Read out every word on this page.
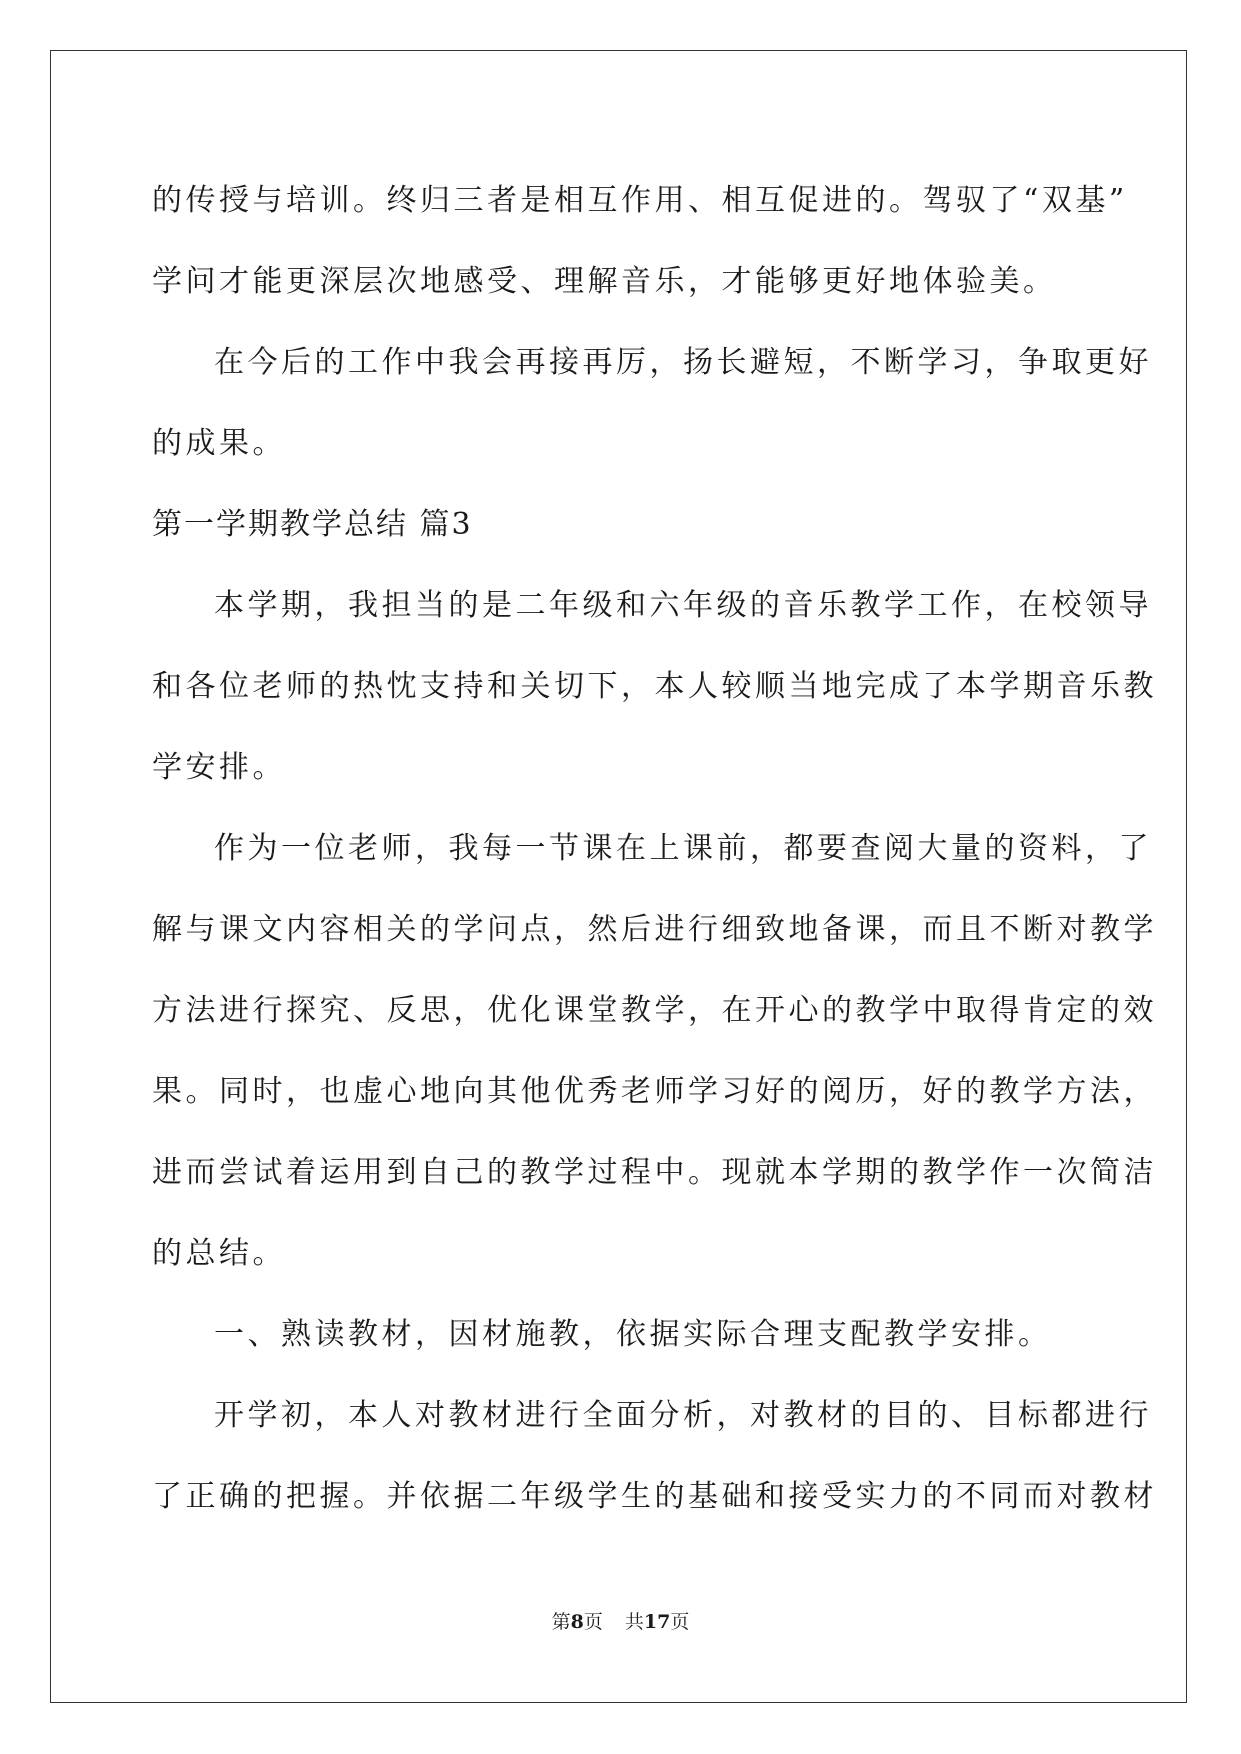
的传授与培训。终归三者是相互作用、相互促进的。驾驭了“双基”

学问才能更深层次地感受、理解音乐，才能够更好地体验美。

在今后的工作中我会再接再厉，扬长避短，不断学习，争取更好

的成果。

第一学期教学总结 篇3

本学期，我担当的是二年级和六年级的音乐教学工作，在校领导

和各位老师的热忱支持和关切下，本人较顺当地完成了本学期音乐教

学安排。

作为一位老师，我每一节课在上课前，都要查阅大量的资料，了

解与课文内容相关的学问点，然后进行细致地备课，而且不断对教学

方法进行探究、反思，优化课堂教学，在开心的教学中取得肯定的效

果。同时，也虚心地向其他优秀老师学习好的阅历，好的教学方法，

进而尝试着运用到自己的教学过程中。现就本学期的教学作一次简洁

的总结。

一、熟读教材，因材施教，依据实际合理支配教学安排。

开学初，本人对教材进行全面分析，对教材的目的、目标都进行

了正确的把握。并依据二年级学生的基础和接受实力的不同而对教材

第8页 共17页
